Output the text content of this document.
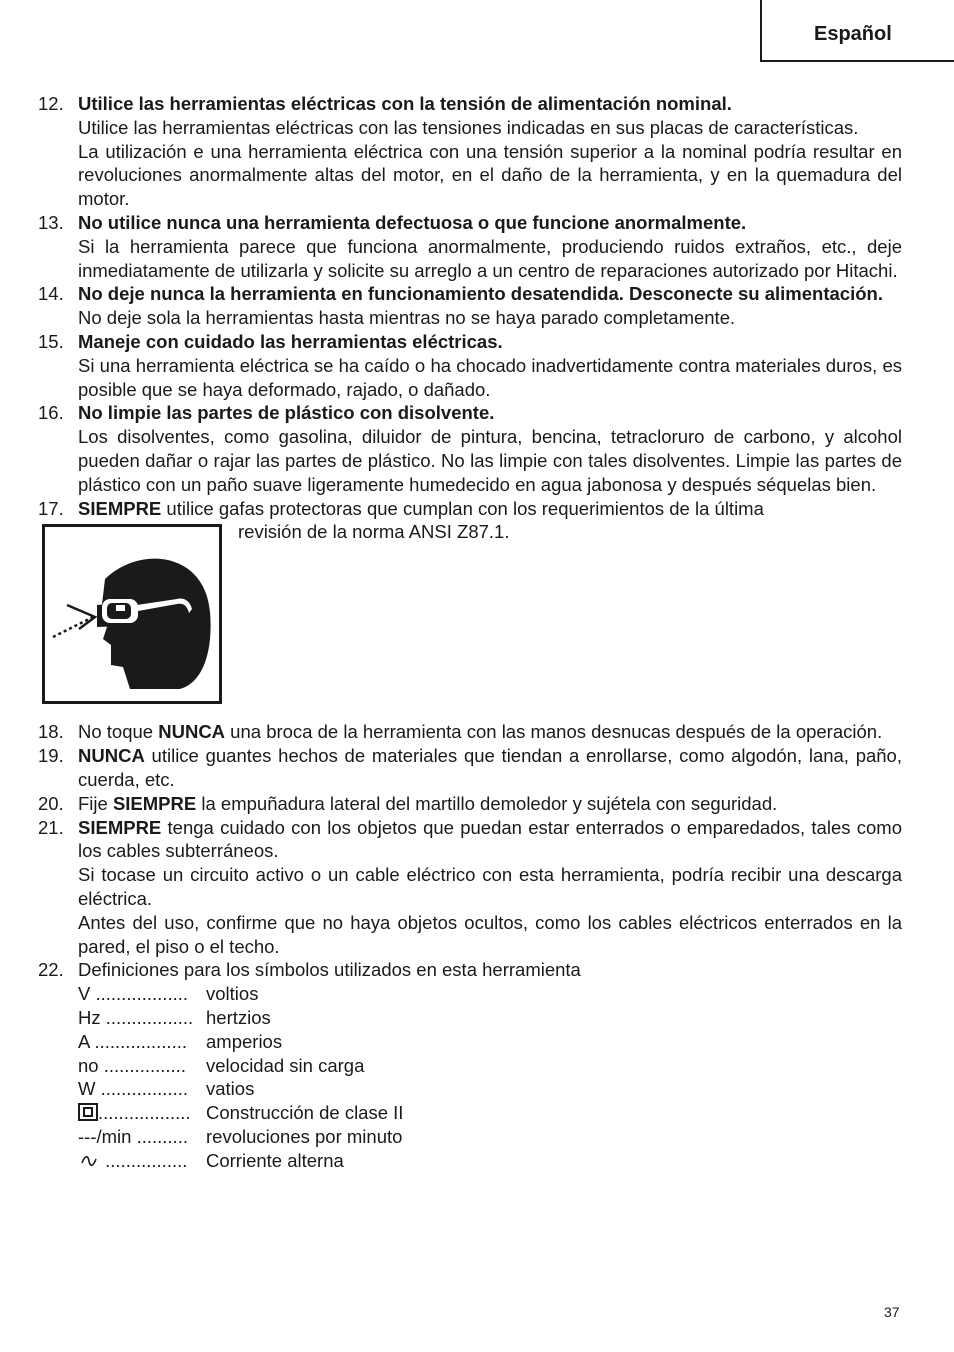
Español
12. Utilice las herramientas eléctricas con la tensión de alimentación nominal.
Utilice las herramientas eléctricas con las tensiones indicadas en sus placas de características.
La utilización e una herramienta eléctrica con una tensión superior a la nominal podría resultar en revoluciones anormalmente altas del motor, en el daño de la herramienta, y en la quemadura del motor.
13. No utilice nunca una herramienta defectuosa o que funcione anormalmente.
Si la herramienta parece que funciona anormalmente, produciendo ruidos extraños, etc., deje inmediatamente de utilizarla y solicite su arreglo a un centro de reparaciones autorizado por Hitachi.
14. No deje nunca la herramienta en funcionamiento desatendida. Desconecte su alimentación.
No deje sola la herramientas hasta mientras no se haya parado completamente.
15. Maneje con cuidado las herramientas eléctricas.
Si una herramienta eléctrica se ha caído o ha chocado inadvertidamente contra materiales duros, es posible que se haya deformado, rajado, o dañado.
16. No limpie las partes de plástico con disolvente.
Los disolventes, como gasolina, diluidor de pintura, bencina, tetracloruro de carbono, y alcohol pueden dañar o rajar las partes de plástico. No las limpie con tales disolventes. Limpie las partes de plástico con un paño suave ligeramente humedecido en agua jabonosa y después séquelas bien.
17. SIEMPRE utilice gafas protectoras que cumplan con los requerimientos de la última
revisión de la norma ANSI Z87.1.
18. No toque NUNCA una broca de la herramienta con las manos desnucas después de la operación.
19. NUNCA utilice guantes hechos de materiales que tiendan a enrollarse, como algodón, lana, paño, cuerda, etc.
20. Fije SIEMPRE la empuñadura lateral del martillo demoledor y sujétela con seguridad.
21. SIEMPRE tenga cuidado con los objetos que puedan estar enterrados o emparedados, tales como los cables subterráneos.
Si tocase un circuito activo o un cable eléctrico con esta herramienta, podría recibir una descarga eléctrica.
Antes del uso, confirme que no haya objetos ocultos, como los cables eléctricos enterrados en la pared, el piso o el techo.
22. Definiciones para los símbolos utilizados en esta herramienta
V .................. voltios
Hz ................. hertzios
A ..................	amperios
no ................	velocidad sin carga
W ................. vatios
.................. Construcción de clase II
---/min .......... revoluciones por minuto
................	Corriente alterna
37
